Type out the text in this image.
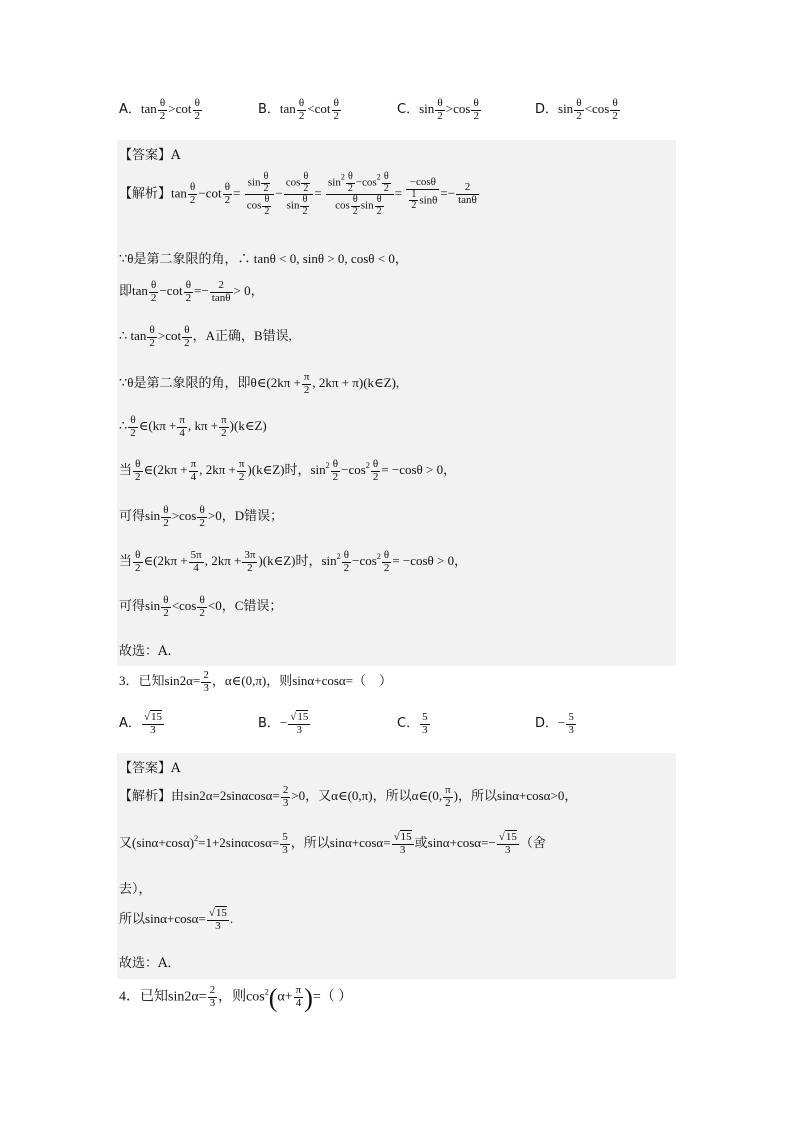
A．$\tan \frac{\theta}{2} >\cot \frac{\theta}{2}$	B．$\tan \frac{\theta}{2} <\cot \frac{\theta}{2}$	C．$\sin \frac{\theta}{2} >\cos \frac{\theta}{2}$	D．$\sin \frac{\theta}{2} <\cos \frac{\theta}{2}$
【答案】A
【解析】$\tan \frac{\theta}{2} -\cot \frac{\theta}{2} = \frac{\sin \frac{\theta}{2}}{\cos \frac{\theta}{2}} - \frac{\cos \frac{\theta}{2}}{\sin \frac{\theta}{2}} = \frac{\sin^2 \frac{\theta}{2} -\cos^2 \frac{\theta}{2}}{\cos \frac{\theta}{2} \sin \frac{\theta}{2}} = \frac{-\cos\theta}{\frac{1}{2} \sin\theta} =- \frac{2}{\tan\theta}$
∵θ是第二象限的角，∴ tanθ < 0, sinθ > 0, cosθ < 0，
即$\tan \frac{\theta}{2} -\cot \frac{\theta}{2} =- \frac{2}{\tan\theta} > 0$，
∴ $\tan \frac{\theta}{2} >\cot \frac{\theta}{2}$ ，A正确，B错误,
∵θ是第二象限的角，即θ∈(2kπ + $\frac{\pi}{2}$ , 2kπ + π)(k∈Z),
∴ $\frac{\theta}{2}$ ∈(kπ + $\frac{\pi}{4}$ , $k\pi + \frac{\pi}{2}$ )(k∈Z)
当 $\frac{\theta}{2}$ ∈(2kπ + $\frac{\pi}{4}$ , $2k\pi + \frac{\pi}{2}$ )(k∈Z)时，$\sin^2 \frac{\theta}{2} -\cos^2 \frac{\theta}{2} = -\cos\theta > 0$，
可得$\sin \frac{\theta}{2} >\cos \frac{\theta}{2} >0$，D错误；
当 $\frac{\theta}{2}$ ∈(2kπ + $\frac{5\pi}{4}$ , $2k\pi + \frac{3\pi}{2}$ )(k∈Z)时，$\sin^2 \frac{\theta}{2} -\cos^2 \frac{\theta}{2} = -\cos\theta > 0$，
可得$\sin \frac{\theta}{2} <\cos \frac{\theta}{2} <0$，C错误；
故选：A.
3．已知$\sin 2\alpha= \frac{2}{3}$ ，α∈(0,π)，则sinα+cosα=（　）
A． $\frac{√15}{3}$	B．− $\frac{√15}{3}$	C． $\frac{5}{3}$	D．− $\frac{5}{3}$
【答案】A
【解析】由$\sin 2\alpha=2\sin\alpha\cos\alpha= \frac{2}{3} >0$，又α∈(0,π)，所以α∈(0, $\frac{\pi}{2}$ )，所以sinα+cosα>0，
又$(\sin\alpha+\cos\alpha)^2=1+2\sin\alpha\cos\alpha= \frac{5}{3}$ ，所以$\sin\alpha+\cos\alpha= \frac{√15}{3}$ 或$\sin\alpha+\cos\alpha=- \frac{√15}{3}$ （舍
去），
所以$\sin\alpha+\cos\alpha= \frac{√15}{3}$ .
故选：A．
4．已知$\sin 2\alpha= \frac{2}{3}$ ，则$\cos^2(\alpha+ \frac{\pi}{4}$ )=（ ）
